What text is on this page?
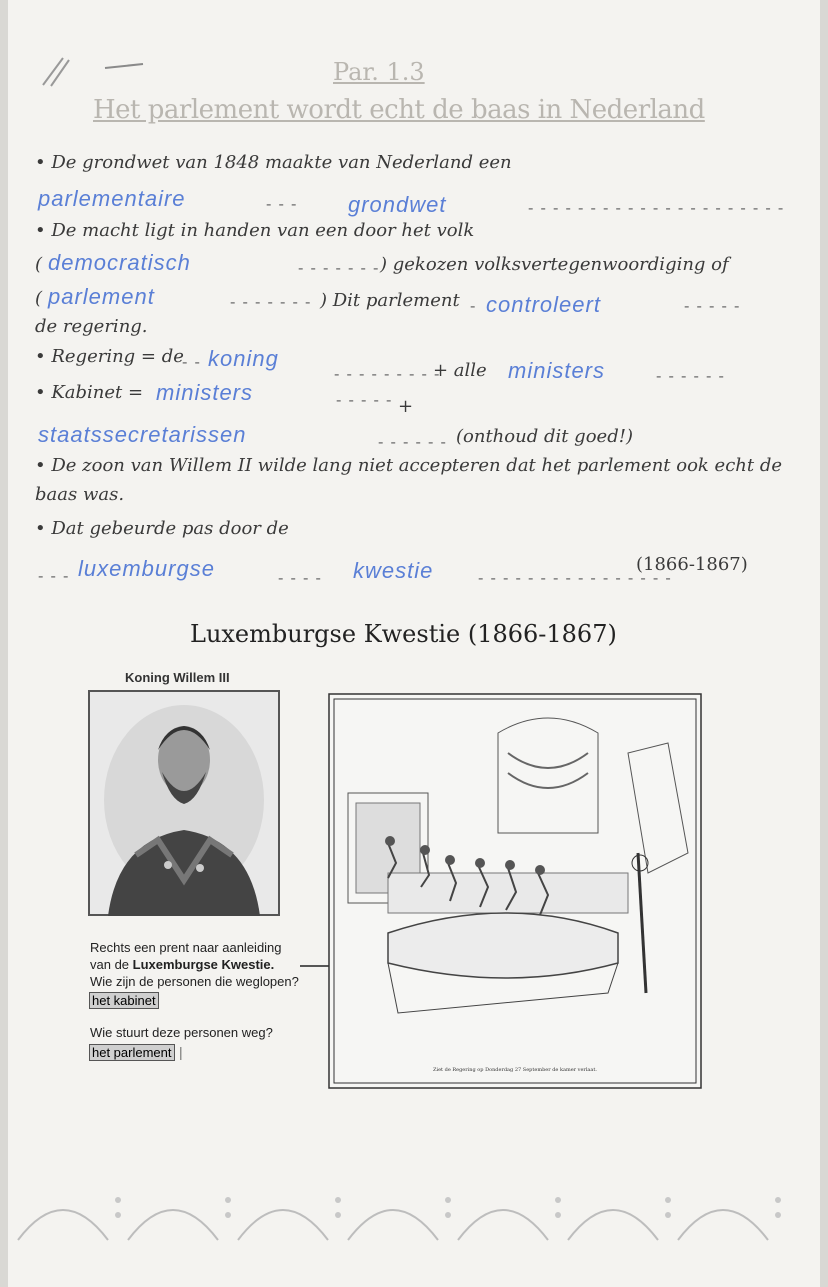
Par. 1.3
Het parlement wordt echt de baas in Nederland
• De grondwet van 1848 maakte van Nederland een
parlementaire	- - - grondwet	- - - - - - - - - - - - - - - - - - - - -
• De macht ligt in handen van een door het volk
( democratisch	- - - - - - - ) gekozen volksvertegenwoordiging of
( parlement	- - - - - - - ) Dit parlement - controleert	- - - - -
de regering.
• Regering = de
- - koning
- - - - - - - - -
+ alle ministers	- - - - - -
• Kabinet = ministers	- - - - - +
staatssecretarissen	- - - - - - (onthoud dit goed!)
• De zoon van Willem II wilde lang niet accepteren dat het parlement ook echt de
baas was.
• Dat gebeurde pas door de
- - - luxemburgse	- - - - kwestie	- - - - - - - - - - - - - - - -
(1866-1867)
Luxemburgse Kwestie (1866-1867)
Koning Willem III
Rechts een prent naar aanleiding
van de Luxemburgse Kwestie.
Wie zijn de personen die weglopen?
het kabinet
Wie stuurt deze personen weg?
het parlement |
Ziet de Regering op Donderdag 27 September de kamer verlaat.
